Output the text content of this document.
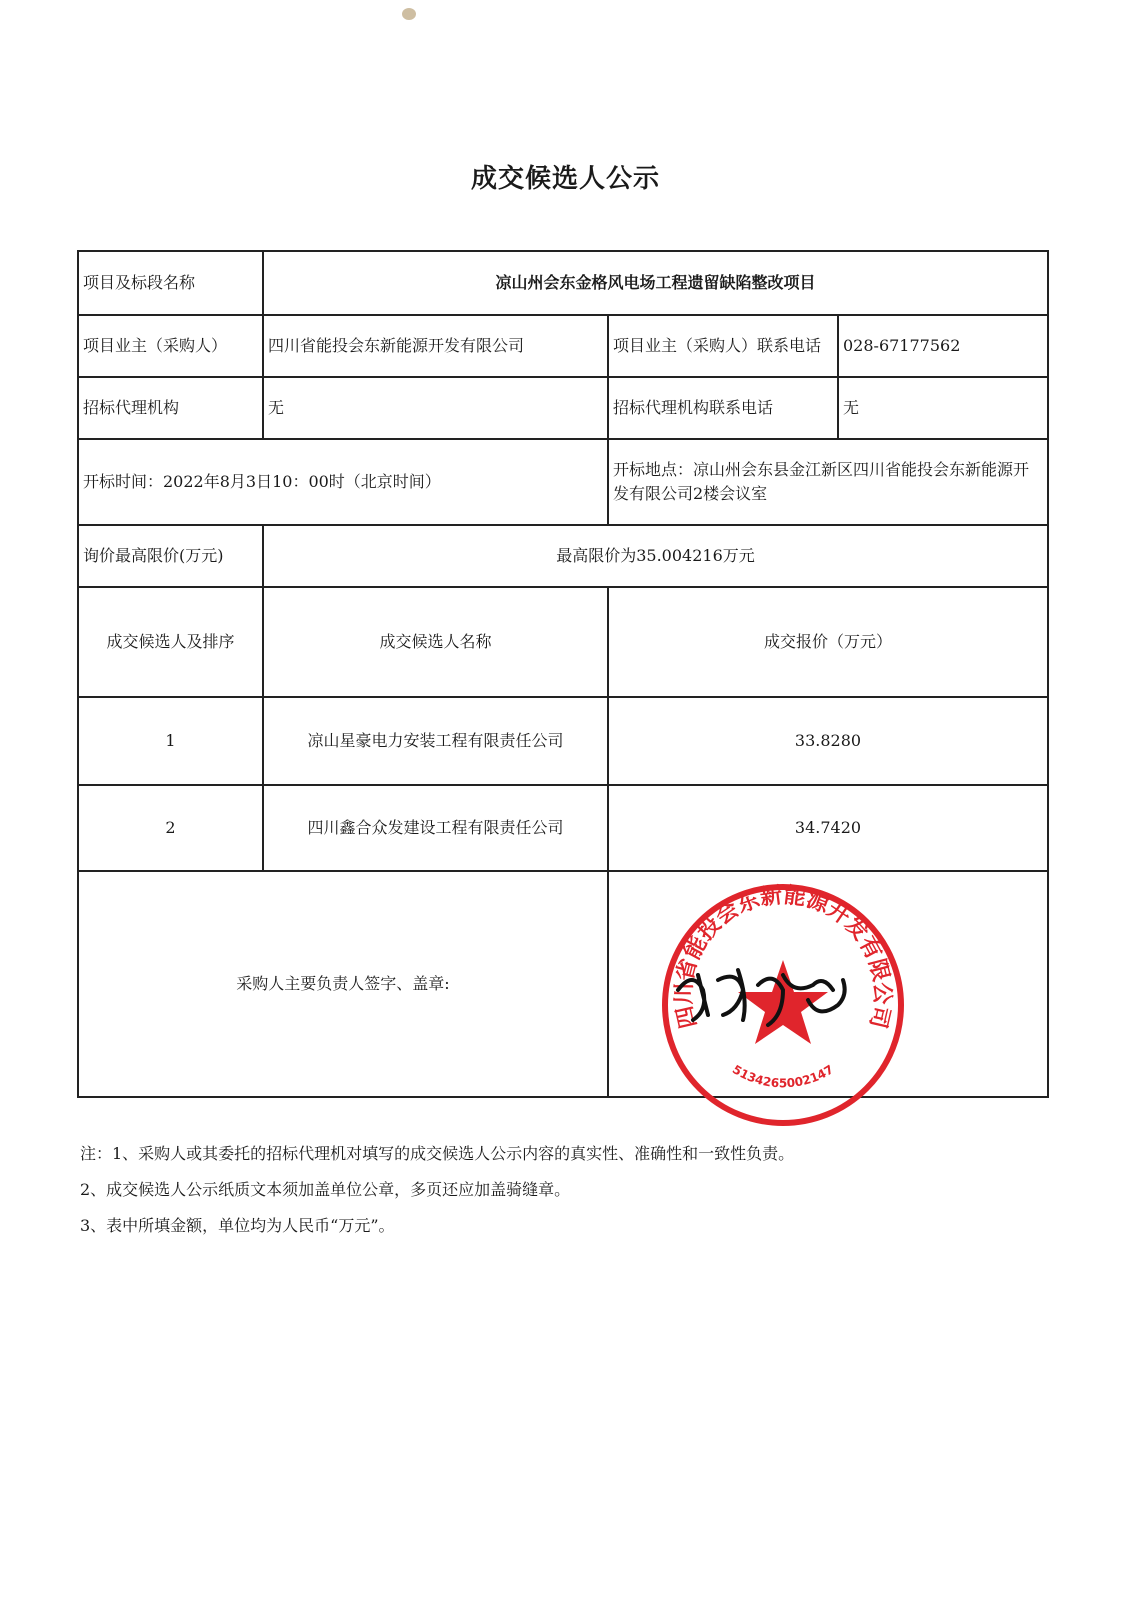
成交候选人公示
项目及标段名称	凉山州会东金格风电场工程遗留缺陷整改项目		
项目业主（采购人）	四川省能投会东新能源开发有限公司	项目业主（采购人）联系电话	028-67177562
招标代理机构	无	招标代理机构联系电话	无
开标时间：2022年8月3日10：00时（北京时间）		开标地点：凉山州会东县金江新区四川省能投会东新能源开发有限公司2楼会议室	
询价最高限价(万元)	最高限价为35.004216万元		
成交候选人及排序	成交候选人名称	成交报价（万元）	
1	凉山星豪电力安装工程有限责任公司	33.8280	
2	四川鑫合众发建设工程有限责任公司	34.7420	
采购人主要负责人签字、盖章:			
四川省能投会东新能源开发有限公司
5134265002147
注：1、采购人或其委托的招标代理机对填写的成交候选人公示内容的真实性、准确性和一致性负责。
2、成交候选人公示纸质文本须加盖单位公章，多页还应加盖骑缝章。
3、表中所填金额，单位均为人民币“万元”。
